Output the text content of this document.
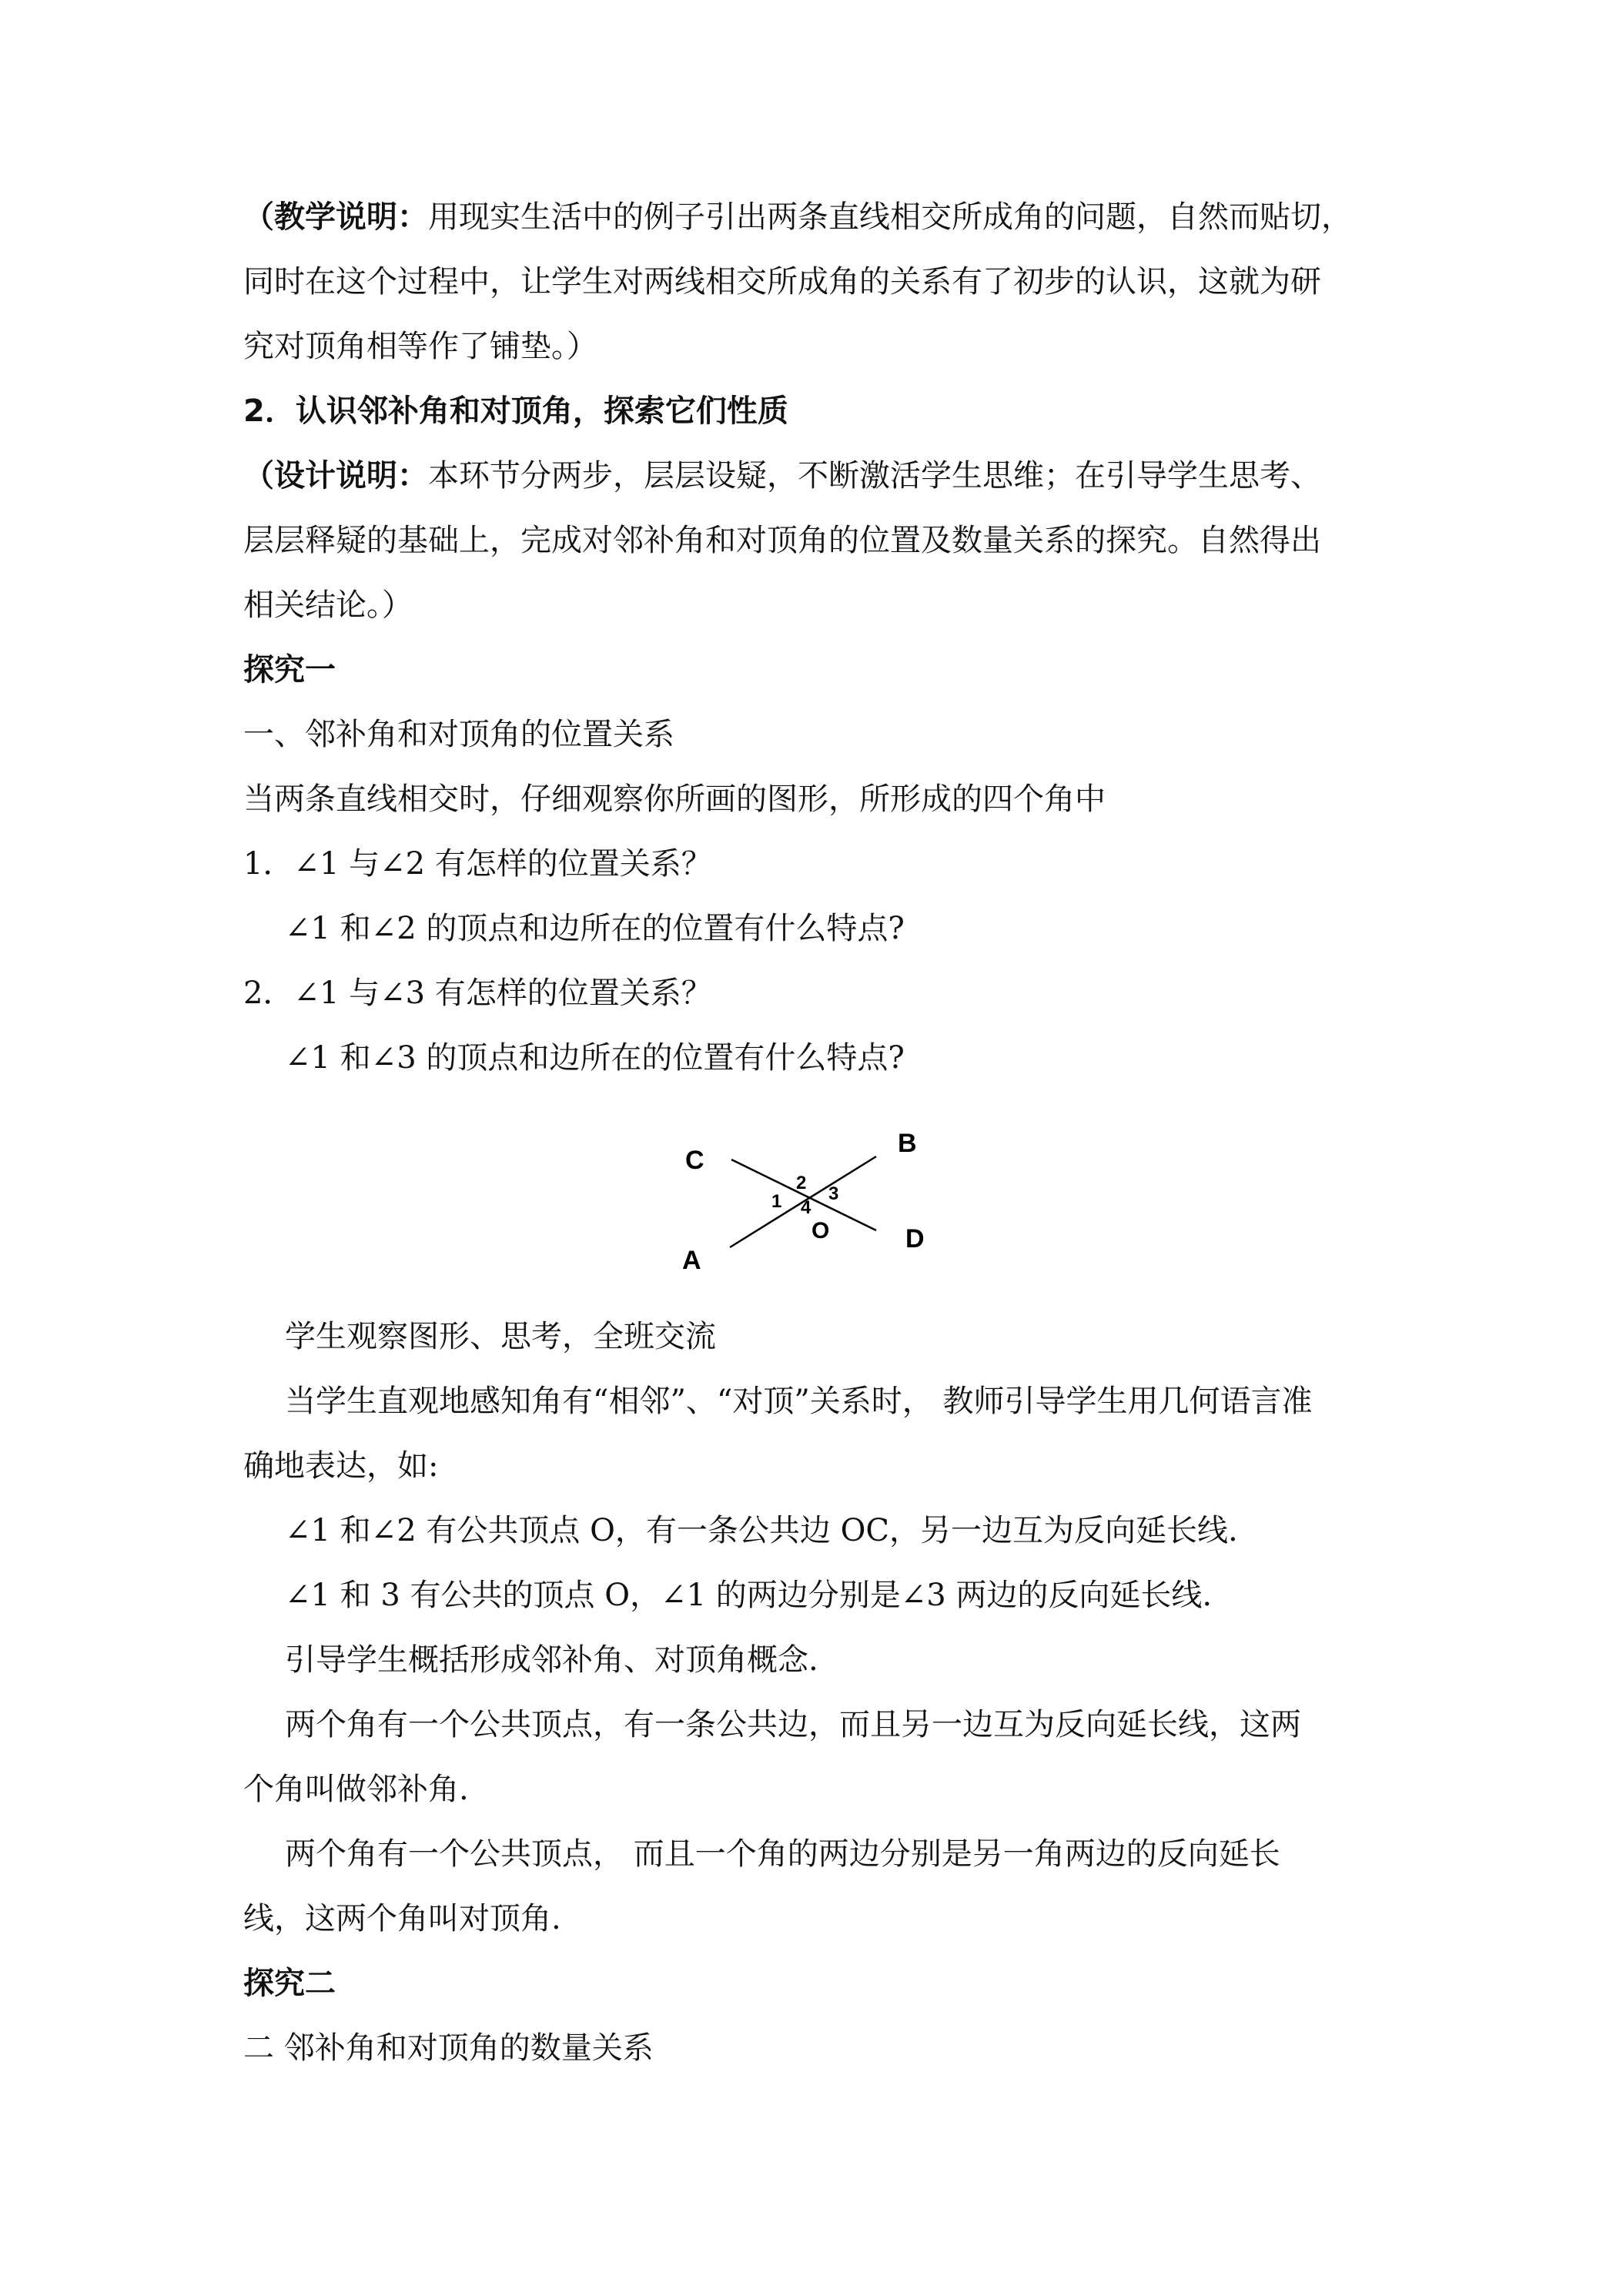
（教学说明：用现实生活中的例子引出两条直线相交所成角的问题，自然而贴切，
同时在这个过程中，让学生对两线相交所成角的关系有了初步的认识，这就为研
究对顶角相等作了铺垫。）
2．认识邻补角和对顶角，探索它们性质
（设计说明：本环节分两步，层层设疑，不断激活学生思维；在引导学生思考、
层层释疑的基础上，完成对邻补角和对顶角的位置及数量关系的探究。自然得出
相关结论。）
探究一
一、邻补角和对顶角的位置关系
当两条直线相交时，仔细观察你所画的图形，所形成的四个角中
1．∠1 与∠2 有怎样的位置关系？
∠1 和∠2 的顶点和边所在的位置有什么特点?
2．∠1 与∠3 有怎样的位置关系？
∠1 和∠3 的顶点和边所在的位置有什么特点?
C
B
A
D
O
1
2
3
4
学生观察图形、思考，全班交流
当学生直观地感知角有“相邻”、“对顶”关系时， 教师引导学生用几何语言准
确地表达，如:
∠1 和∠2 有公共顶点 O，有一条公共边 OC，另一边互为反向延长线.
∠1 和 3 有公共的顶点 O，∠1 的两边分别是∠3 两边的反向延长线.
引导学生概括形成邻补角、对顶角概念.
两个角有一个公共顶点，有一条公共边，而且另一边互为反向延长线，这两
个角叫做邻补角.
两个角有一个公共顶点， 而且一个角的两边分别是另一角两边的反向延长
线，这两个角叫对顶角.
探究二
二 邻补角和对顶角的数量关系
